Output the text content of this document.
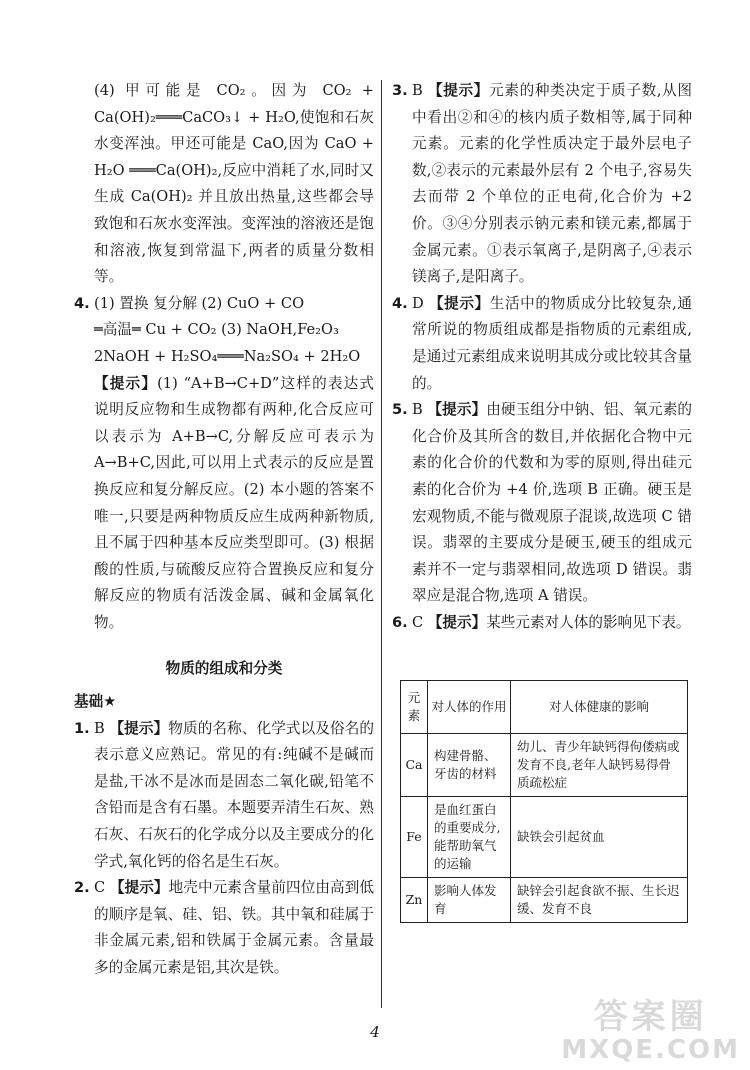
(4) 甲可能是 CO₂。因为 CO₂ + Ca(OH)₂═══CaCO₃↓ + H₂O,使饱和石灰水变浑浊。甲还可能是 CaO,因为 CaO + H₂O ═══Ca(OH)₂,反应中消耗了水,同时又生成 Ca(OH)₂ 并且放出热量,这些都会导致饱和石灰水变浑浊。变浑浊的溶液还是饱和溶液,恢复到常温下,两者的质量分数相等。

4. (1) 置换 复分解 (2) CuO + CO

═高温═ Cu + CO₂ (3) NaOH,Fe₂O₃

2NaOH + H₂SO₄═══Na₂SO₄ + 2H₂O

【提示】(1) “A+B→C+D”这样的表达式说明反应物和生成物都有两种,化合反应可以表示为 A+B→C,分解反应可表示为 A→B+C,因此,可以用上式表示的反应是置换反应和复分解反应。(2) 本小题的答案不唯一,只要是两种物质反应生成两种新物质,且不属于四种基本反应类型即可。(3) 根据酸的性质,与硫酸反应符合置换反应和复分解反应的物质有活泼金属、碱和金属氧化物。

物质的组成和分类
基础★
1. B 【提示】物质的名称、化学式以及俗名的表示意义应熟记。常见的有:纯碱不是碱而是盐,干冰不是冰而是固态二氧化碳,铅笔不含铅而是含有石墨。本题要弄清生石灰、熟石灰、石灰石的化学成分以及主要成分的化学式,氧化钙的俗名是生石灰。

2. C 【提示】地壳中元素含量前四位由高到低的顺序是氧、硅、铝、铁。其中氧和硅属于非金属元素,铝和铁属于金属元素。含量最多的金属元素是铝,其次是铁。

3. B 【提示】元素的种类决定于质子数,从图中看出②和④的核内质子数相等,属于同种元素。元素的化学性质决定于最外层电子数,②表示的元素最外层有 2 个电子,容易失去而带 2 个单位的正电荷,化合价为 +2 价。③④分别表示钠元素和镁元素,都属于金属元素。①表示氧离子,是阴离子,④表示镁离子,是阳离子。

4. D 【提示】生活中的物质成分比较复杂,通常所说的物质组成都是指物质的元素组成,是通过元素组成来说明其成分或比较其含量的。

5. B 【提示】由硬玉组分中钠、铝、氧元素的化合价及其所含的数目,并依据化合物中元素的化合价的代数和为零的原则,得出硅元素的化合价为 +4 价,选项 B 正确。硬玉是宏观物质,不能与微观原子混谈,故选项 C 错误。翡翠的主要成分是硬玉,硬玉的组成元素并不一定与翡翠相同,故选项 D 错误。翡翠应是混合物,选项 A 错误。

6. C 【提示】某些元素对人体的影响见下表。

元素	对人体的作用	对人体健康的影响
Ca	构建骨骼、牙齿的材料	幼儿、青少年缺钙得佝偻病或发育不良,老年人缺钙易得骨质疏松症
Fe	是血红蛋白的重要成分,能帮助氧气的运输	缺铁会引起贫血
Zn	影响人体发育	缺锌会引起食欲不振、生长迟缓、发育不良
4	答案圈
MXQE.COM
